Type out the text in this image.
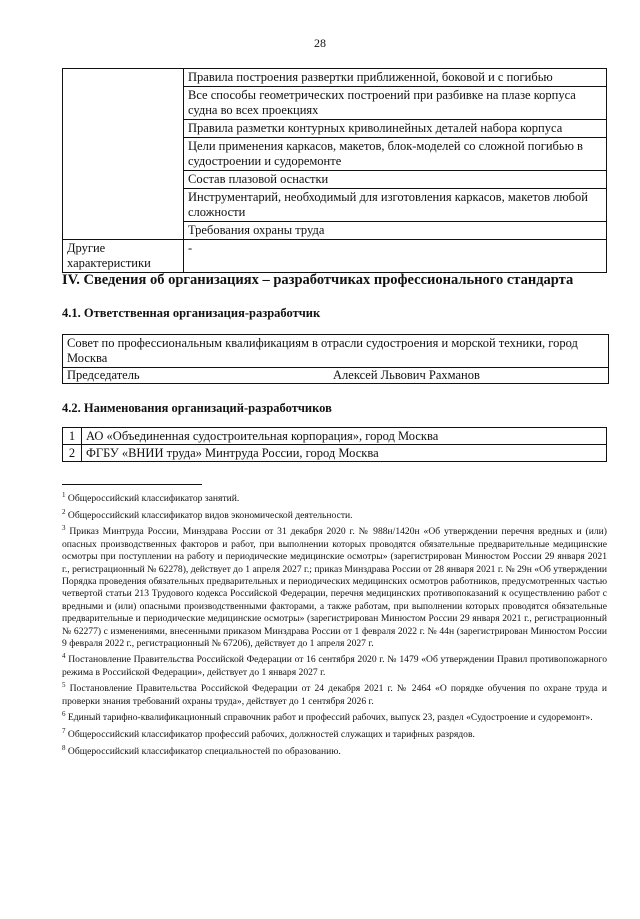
28
	Правила построения развертки приближенной, боковой и с погибью
	Все способы геометрических построений при разбивке на плазе корпуса судна во всех проекциях
	Правила разметки контурных криволинейных деталей набора корпуса
	Цели применения каркасов, макетов, блок-моделей со сложной погибью в судостроении и судоремонте
	Состав плазовой оснастки
	Инструментарий, необходимый для изготовления каркасов, макетов любой сложности
	Требования охраны труда
Другие характеристики	-
IV. Сведения об организациях – разработчиках профессионального стандарта
4.1. Ответственная организация-разработчик
Совет по профессиональным квалификациям в отрасли судостроения и морской техники, город Москва
Председатель	Алексей Львович Рахманов
4.2. Наименования организаций-разработчиков
1	АО «Объединенная судостроительная корпорация», город Москва
2	ФГБУ «ВНИИ труда» Минтруда России, город Москва

$^1$ Общероссийский классификатор занятий.

$^2$ Общероссийский классификатор видов экономической деятельности.

$^3$ Приказ Минтруда России, Минздрава России от 31 декабря 2020 г. № 988н/1420н «Об утверждении перечня вредных и (или) опасных производственных факторов и работ, при выполнении которых проводятся обязательные предварительные медицинские осмотры при поступлении на работу и периодические медицинские осмотры» (зарегистрирован Минюстом России 29 января 2021 г., регистрационный № 62278), действует до 1 апреля 2027 г.; приказ Минздрава России от 28 января 2021 г. № 29н «Об утверждении Порядка проведения обязательных предварительных и периодических медицинских осмотров работников, предусмотренных частью четвертой статьи 213 Трудового кодекса Российской Федерации, перечня медицинских противопоказаний к осуществлению работ с вредными и (или) опасными производственными факторами, а также работам, при выполнении которых проводятся обязательные предварительные и периодические медицинские осмотры» (зарегистрирован Минюстом России 29 января 2021 г., регистрационный № 62277) с изменениями, внесенными приказом Минздрава России от 1 февраля 2022 г. № 44н (зарегистрирован Минюстом России 9 февраля 2022 г., регистрационный № 67206), действует до 1 апреля 2027 г.

$^4$ Постановление Правительства Российской Федерации от 16 сентября 2020 г. № 1479 «Об утверждении Правил противопожарного режима в Российской Федерации», действует до 1 января 2027 г.

$^5$ Постановление Правительства Российской Федерации от 24 декабря 2021 г. № 2464 «О порядке обучения по охране труда и проверки знания требований охраны труда», действует до 1 сентября 2026 г.

$^6$ Единый тарифно-квалификационный справочник работ и профессий рабочих, выпуск 23, раздел «Судостроение и судоремонт».

$^7$ Общероссийский классификатор профессий рабочих, должностей служащих и тарифных разрядов.

$^8$ Общероссийский классификатор специальностей по образованию.
